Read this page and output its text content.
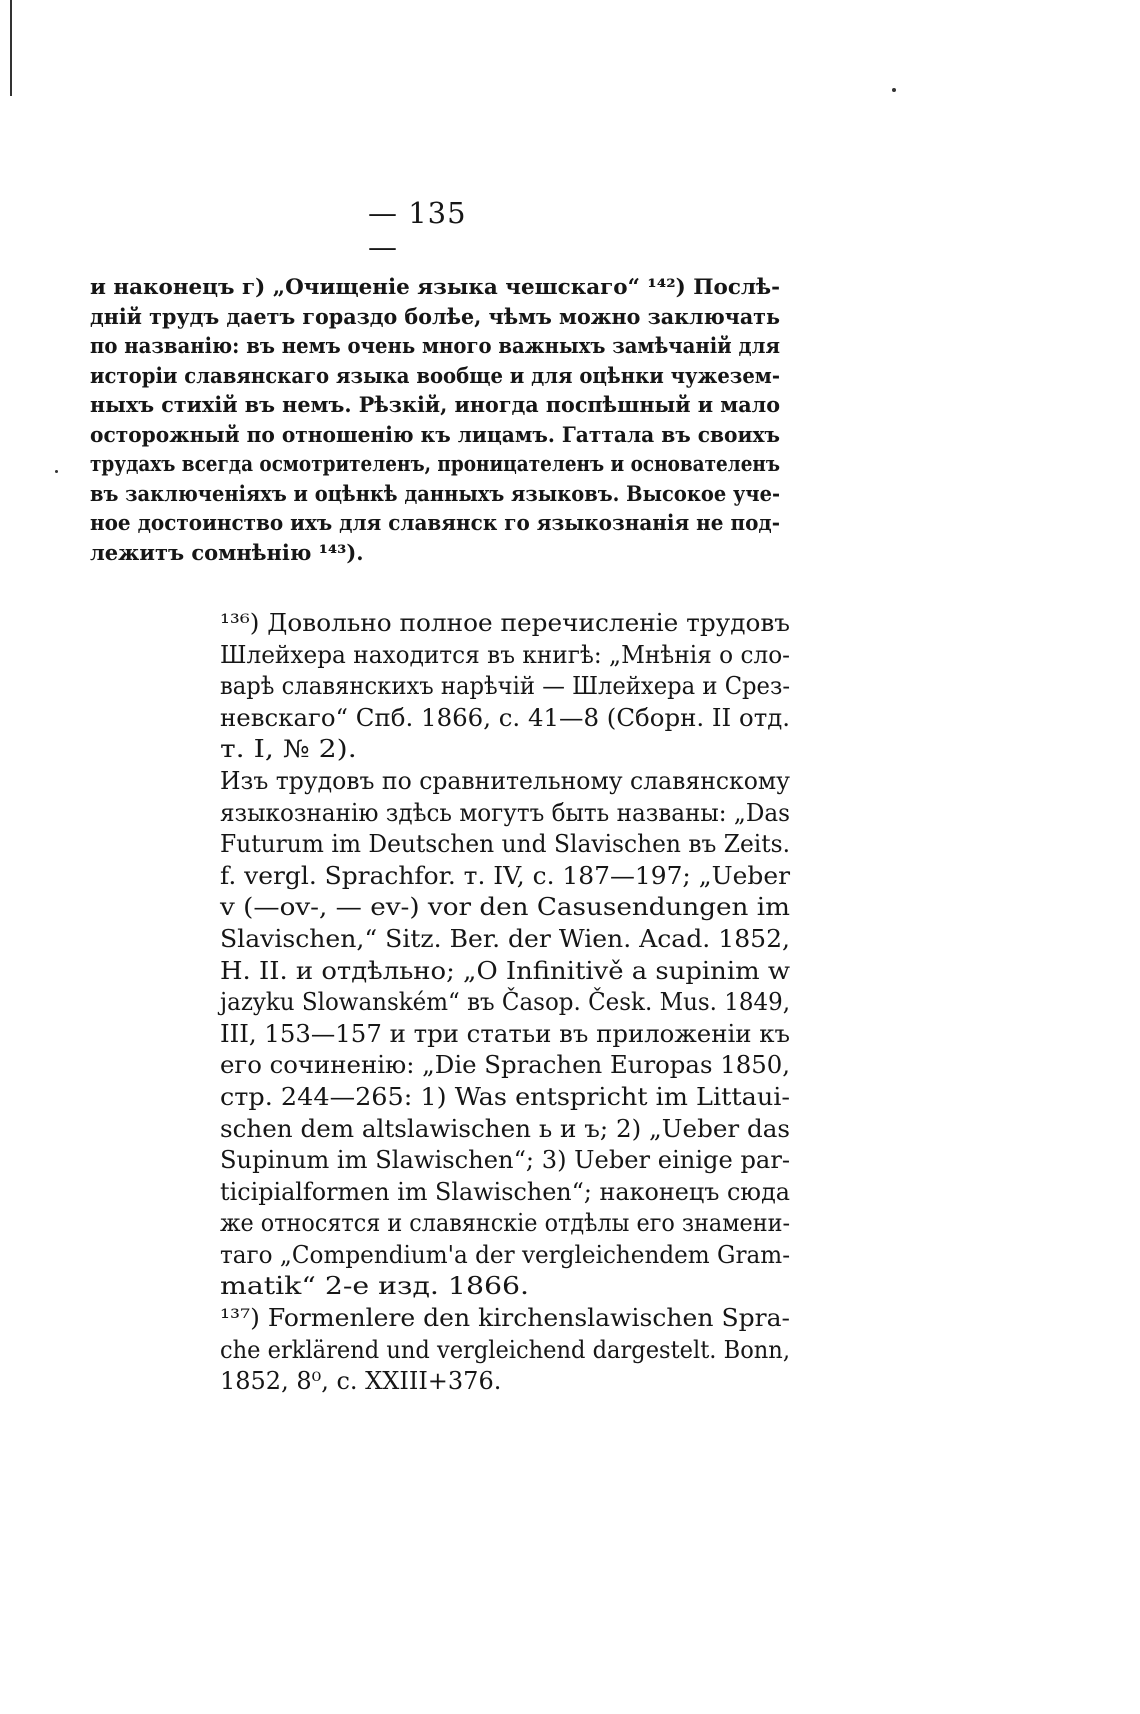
— 135 —
и наконецъ г) „Очищеніе языка чешскаго“ ¹⁴²) Послѣ-
дній трудъ даетъ гораздо болѣе, чѣмъ можно заключать
по названію: въ немъ очень много важныхъ замѣчаній для
исторіи славянскаго языка вообще и для оцѣнки чужезем-
ныхъ стихій въ немъ. Рѣзкій, иногда поспѣшный и мало
осторожный по отношенію къ лицамъ. Гаттала въ своихъ
трудахъ всегда осмотрителенъ, проницателенъ и основателенъ
въ заключеніяхъ и оцѣнкѣ данныхъ языковъ. Высокое уче-
ное достоинство ихъ для славянск го языкознанія не под-
лежитъ сомнѣнію ¹⁴³).
¹³⁶) Довольно полное перечисленіе трудовъ
Шлейхера находится въ книгѣ: „Мнѣнія о сло-
варѣ славянскихъ нарѣчій — Шлейхера и Срез-
невскаго“ Спб. 1866, с. 41—8 (Сборн. II отд.
т. I, № 2).
Изъ трудовъ по сравнительному славянскому
языкознанію здѣсь могутъ быть названы: „Das
Futurum im Deutschen und Slavischen въ Zeits.
f. vergl. Sprachfor. т. IV, с. 187—197; „Ueber
v (—ov-, — ev-) vor den Casusendungen im
Slavischen,“ Sitz. Ber. der Wien. Acad. 1852,
H. II. и отдѣльно; „O Infinitivě a supinim w
jazyku Slowanském“ въ Časop. Česk. Mus. 1849,
III, 153—157 и три статьи въ приложеніи къ
его сочиненію: „Die Sprachen Europas 1850,
стр. 244—265: 1) Was entspricht im Littaui-
schen dem altslawischen ь и ъ; 2) „Ueber das
Supinum im Slawischen“; 3) Ueber einige par-
ticipialformen im Slawischen“; наконецъ сюда
же относятся и славянскіе отдѣлы его знамени-
таго „Compendium'a der vergleichendem Gram-
matik“ 2-е изд. 1866.
¹³⁷) Formenlere den kirchenslawischen Spra-
che erklärend und vergleichend dargestelt. Bonn,
1852, 8⁰, c. XXIII+376.
